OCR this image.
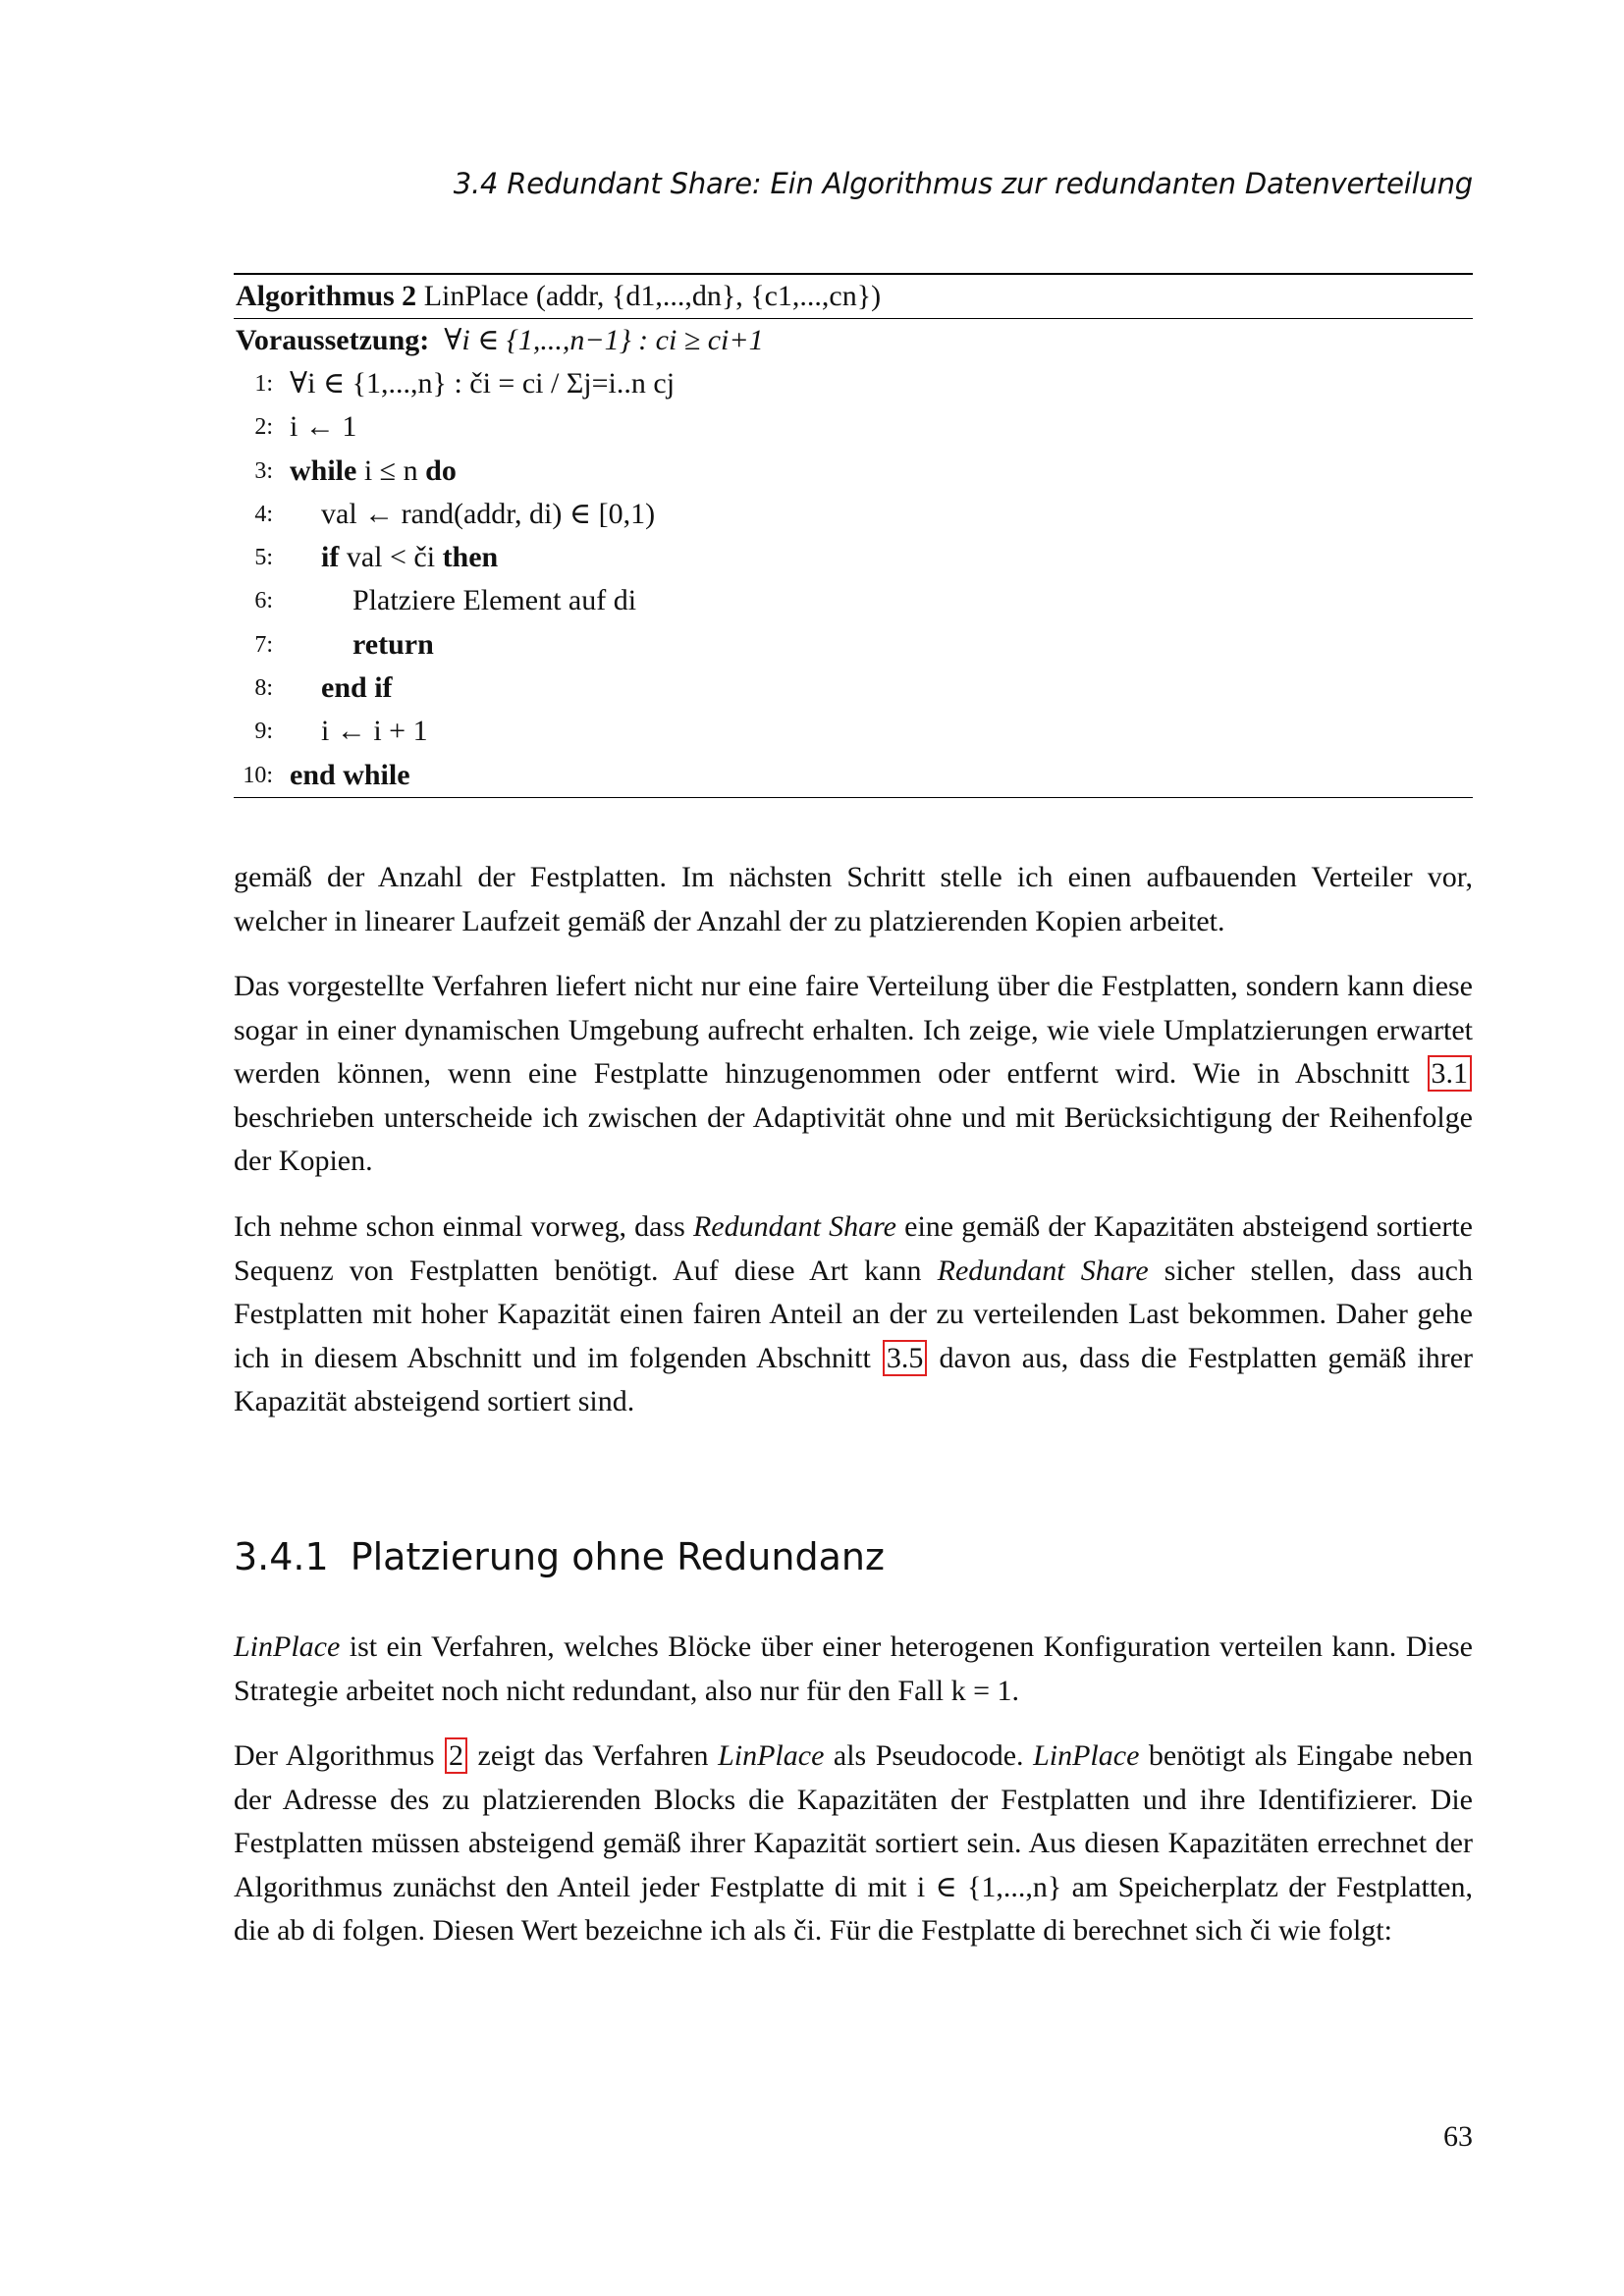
3.4 Redundant Share: Ein Algorithmus zur redundanten Datenverteilung
Algorithmus 2 LinPlace (addr, {d1,...,dn}, {c1,...,cn})
Voraussetzung: ∀i ∈ {1,...,n−1} : ci ≥ ci+1
1: ∀i ∈ {1,...,n} : či = ci / Σj=i..n cj
2: i ← 1
3: while i ≤ n do
4: val ← rand(addr, di) ∈ [0,1)
5: if val < či then
6:	Platziere Element auf di
7:	return
8: end if
9: i ← i + 1
10: end while

gemäß der Anzahl der Festplatten. Im nächsten Schritt stelle ich einen aufbauenden Verteiler vor, welcher in linearer Laufzeit gemäß der Anzahl der zu platzierenden Kopien arbeitet.

Das vorgestellte Verfahren liefert nicht nur eine faire Verteilung über die Festplatten, sondern kann diese sogar in einer dynamischen Umgebung aufrecht erhalten. Ich zeige, wie viele Umplatzierungen erwartet werden können, wenn eine Festplatte hinzugenommen oder entfernt wird. Wie in Abschnitt 3.1 beschrieben unterscheide ich zwischen der Adaptivität ohne und mit Berücksichtigung der Reihenfolge der Kopien.

Ich nehme schon einmal vorweg, dass Redundant Share eine gemäß der Kapazitäten absteigend sortierte Sequenz von Festplatten benötigt. Auf diese Art kann Redundant Share sicher stellen, dass auch Festplatten mit hoher Kapazität einen fairen Anteil an der zu verteilenden Last bekommen. Daher gehe ich in diesem Abschnitt und im folgenden Abschnitt 3.5 davon aus, dass die Festplatten gemäß ihrer Kapazität absteigend sortiert sind.

3.4.1 Platzierung ohne Redundanz

LinPlace ist ein Verfahren, welches Blöcke über einer heterogenen Konfiguration verteilen kann. Diese Strategie arbeitet noch nicht redundant, also nur für den Fall k = 1.

Der Algorithmus 2 zeigt das Verfahren LinPlace als Pseudocode. LinPlace benötigt als Eingabe neben der Adresse des zu platzierenden Blocks die Kapazitäten der Festplatten und ihre Identifizierer. Die Festplatten müssen absteigend gemäß ihrer Kapazität sortiert sein. Aus diesen Kapazitäten errechnet der Algorithmus zunächst den Anteil jeder Festplatte di mit i ∈ {1,...,n} am Speicherplatz der Festplatten, die ab di folgen. Diesen Wert bezeichne ich als či. Für die Festplatte di berechnet sich či wie folgt:

63
